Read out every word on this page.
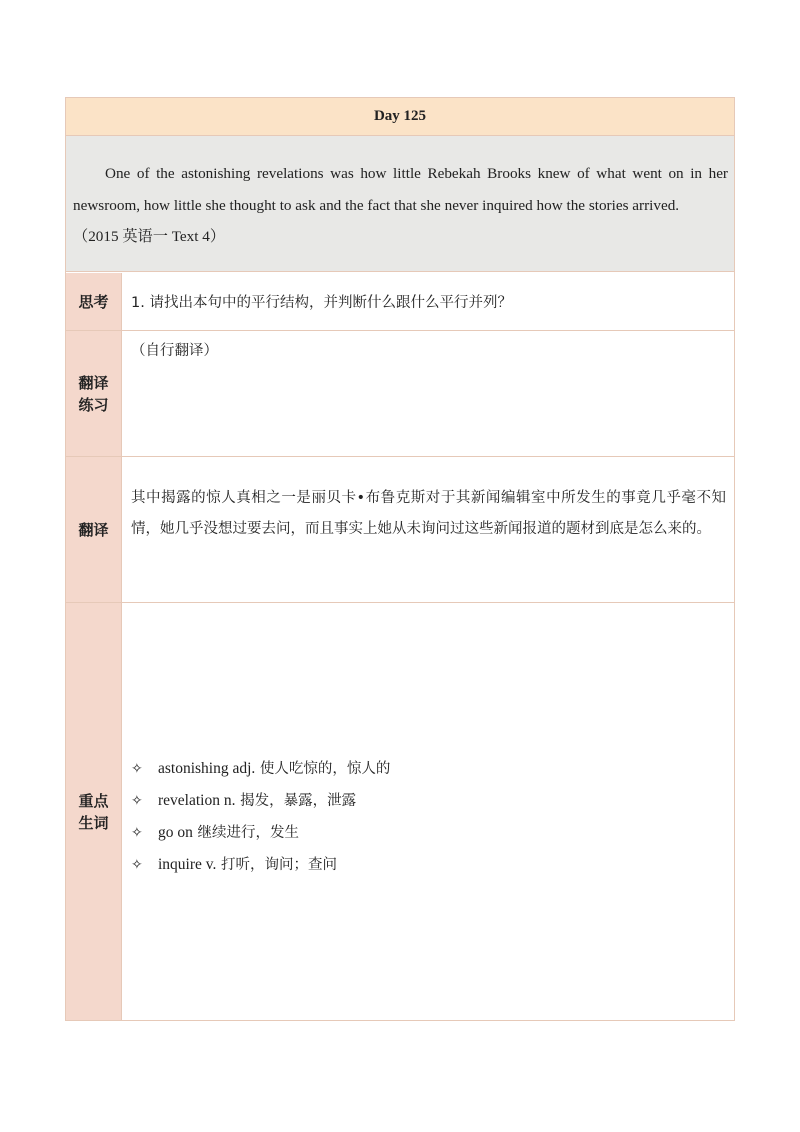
Day 125
One of the astonishing revelations was how little Rebekah Brooks knew of what went on in her newsroom, how little she thought to ask and the fact that she never inquired how the stories arrived.
（2015 英语一 Text 4）
思考	1. 请找出本句中的平行结构，并判断什么跟什么平行并列？
翻译
练习
（自行翻译）
翻译
其中揭露的惊人真相之一是丽贝卡•布鲁克斯对于其新闻编辑室中所发生的事竟几乎毫不知情，她几乎没想过要去问，而且事实上她从未询问过这些新闻报道的题材到底是怎么来的。
重点
生词
✧ astonishing adj.
使人吃惊的，惊人的
✧ revelation n.
揭发，暴露，泄露
✧ go on
继续进行，发生
✧ inquire v.
打听，询问；查问
